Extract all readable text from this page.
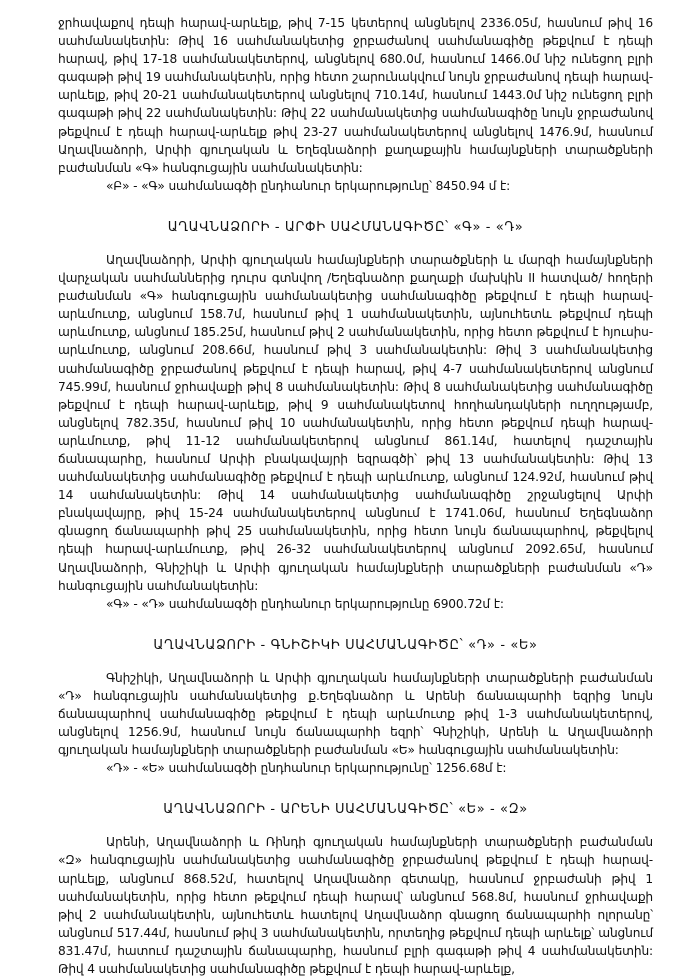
ջրհավաքով դեպի հարավ-արևելք, թիվ 7-15 կետերով անցնելով 2336.05մ, հասնում թիվ 16 սահմանակետին: Թիվ 16 սահմանակետից ջրբաժանով սահմանագիծը թեքվում է դեպի հարավ, թիվ 17-18 սահմանակետերով, անցնելով 680.0մ, հասնում 1466.0մ նիշ ունեցող բլրի գագաթի թիվ 19 սահմանակետին, որից հետո շարունակվում նույն ջրբաժանով դեպի հարավ-արևելք, թիվ 20-21 սահմանակետերով անցնելով 710.14մ, հասնում 1443.0մ նիշ ունեցող բլրի գագաթի թիվ 22 սահմանակետին: Թիվ 22 սահմանակետից սահմանագիծը նույն ջրբաժանով թեքվում է դեպի հարավ-արևելք թիվ 23-27 սահմանակետերով անցնելով 1476.9մ, հասնում Աղավնաձորի, Արփի գյուղական և Եղեգնաձորի քաղաքային համայնքների տարածքների բաժանման «Գ» հանգուցային սահմանակետին:

«Բ» - «Գ» սահմանագծի ընդհանուր երկարությունը՝ 8450.94 մ է:

ԱՂԱՎՆԱՁՈՐԻ - ԱՐՓԻ ՍԱՀՄԱՆԱԳԻԾԸ՝ «Գ» - «Դ»

Աղավնաձորի, Արփի գյուղական համայնքների տարածքների և մարզի համայնքների վարչական սահմաններից դուրս գտնվող /Եղեգնաձոր քաղաքի մախկին II հատված/ հողերի բաժանման «Գ» հանգուցային սահմանակետից սահմանագիծը թեքվում է դեպի հարավ-արևմուտք, անցնում 158.7մ, հասնում թիվ 1 սահմանակետին, այնուհետև թեքվում դեպի արևմուտք, անցնում 185.25մ, հասնում թիվ 2 սահմանակետին, որից հետո թեքվում է հյուսիս-արևմուտք, անցնում 208.66մ, հասնում թիվ 3 սահմանակետին: Թիվ 3 սահմանակետից սահմանագիծը ջրբաժանով թեքվում է դեպի հարավ, թիվ 4-7 սահմանակետերով անցնում 745.99մ, հասնում ջրհավաքի թիվ 8 սահմանակետին: Թիվ 8 սահմանակետից սահմանագիծը թեքվում է դեպի հարավ-արևելք, թիվ 9 սահմանակետով հողհանդակների ուղղությամբ, անցնելով 782.35մ, հասնում թիվ 10 սահմանակետին, որից հետո թեքվում դեպի հարավ-արևմուտք, թիվ 11-12 սահմանակետերով անցնում 861.14մ, հատելով դաշտային ճանապարհը, հասնում Արփի բնակավայրի եզրագծի՝ թիվ 13 սահմանակետին: Թիվ 13 սահմանակետից սահմանագիծը թեքվում է դեպի արևմուտք, անցնում 124.92մ, հասնում թիվ 14 սահմանակետին: Թիվ 14 սահմանակետից սահմանագիծը շրջանցելով Արփի բնակավայրը, թիվ 15-24 սահմանակետերով անցնում է 1741.06մ, հասնում Եղեգնաձոր գնացող ճանապարհի թիվ 25 սահմանակետին, որից հետո նույն ճանապարհով, թեքվելով դեպի հարավ-արևմուտք, թիվ 26-32 սահմանակետերով անցնում 2092.65մ, հասնում Աղավնաձորի, Գնիշիկի և Արփի գյուղական համայնքների տարածքների բաժանման «Դ» հանգուցային սահմանակետին:

«Գ» - «Դ» սահմանագծի ընդհանուր երկարությունը 6900.72մ է:

ԱՂԱՎՆԱՁՈՐԻ - ԳՆԻՇԻԿԻ ՍԱՀՄԱՆԱԳԻԾԸ՝ «Դ» - «Ե»

Գնիշիկի, Աղավնաձորի և Արփի գյուղական համայնքների տարածքների բաժանման «Դ» հանգուցային սահմանակետից ք.Եղեգնաձոր և Արենի ճանապարհի եզրից նույն ճանապարհով սահմանագիծը թեքվում է դեպի արևմուտք թիվ 1-3 սահմանակետերով, անցնելով 1256.9մ, հասնում նույն ճանապարհի եզրի՝ Գնիշիկի, Արենի և Աղավնաձորի գյուղական համայնքների տարածքների բաժանման «Ե» հանգուցային սահմանակետին:

«Դ» - «Ե» սահմանագծի ընդհանուր երկարությունը՝ 1256.68մ է:

ԱՂԱՎՆԱՁՈՐԻ - ԱՐԵՆԻ ՍԱՀՄԱՆԱԳԻԾԸ՝ «Ե» - «Զ»

Արենի, Աղավնաձորի և Ռինդի գյուղական համայնքների տարածքների բաժանման «Զ» հանգուցային սահմանակետից սահմանագիծը ջրբաժանով թեքվում է դեպի հարավ-արևելք, անցնում 868.52մ, հատելով Աղավնաձոր գետակը, հասնում ջրբաժանի թիվ 1 սահմանակետին, որից հետո թեքվում դեպի հարավ՝ անցնում 568.8մ, հասնում ջրհավաքի թիվ 2 սահմանակետին, այնուհետև հատելով Աղավնաձոր գնացող ճանապարհի ոլորանը՝ անցնում 517.44մ, հասնում թիվ 3 սահմանակետին, որտեղից թեքվում դեպի արևելք՝ անցնում 831.47մ, հատում դաշտային ճանապարհը, հասնում բլրի գագաթի թիվ 4 սահմանակետին: Թիվ 4 սահմանակետից սահմանագիծը թեքվում է դեպի հարավ-արևելք,
